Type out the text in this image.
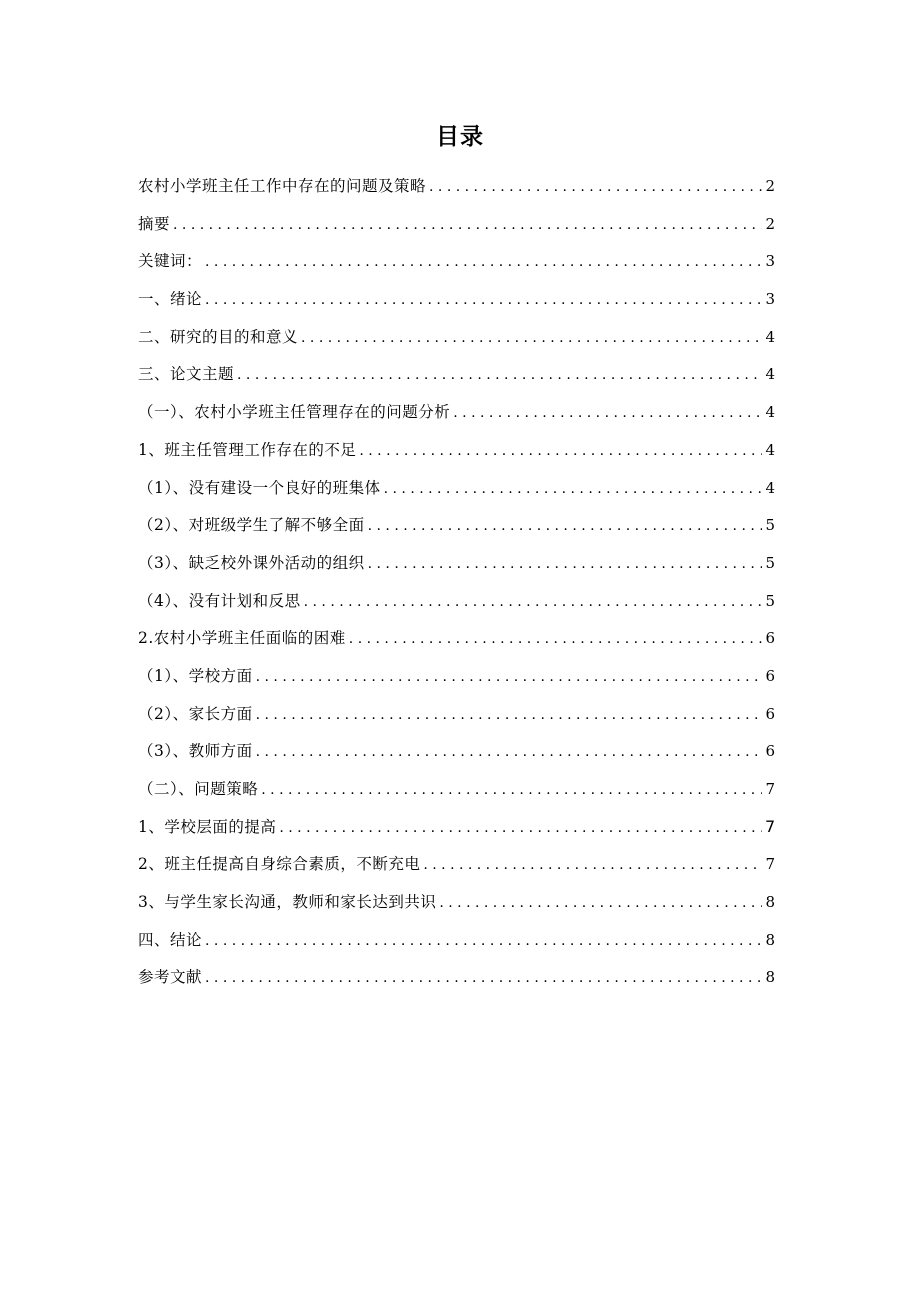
目录
农村小学班主任工作中存在的问题及策略 . . .	2
摘要 . . .	2
关键词： . . .	3
一、绪论 . . .	3
二、研究的目的和意义 . . .	4
三、论文主题 . . .	4
（一）、农村小学班主任管理存在的问题分析 . . .	4
1、班主任管理工作存在的不足 . . .	4
（1）、没有建设一个良好的班集体 . . .	4
（2）、对班级学生了解不够全面 . . .	5
（3）、缺乏校外课外活动的组织 . . .	5
（4）、没有计划和反思 . . .	5
2.农村小学班主任面临的困难 . . .	6
（1）、学校方面 . . .	6
（2）、家长方面 . . .	6
（3）、教师方面 . . .	6
（二）、问题策略 . . .	7
1、学校层面的提高 . . .	7
2、班主任提高自身综合素质，不断充电 . . .	7
3、与学生家长沟通，教师和家长达到共识 . . .	8
四、结论 . . .	8
参考文献 . . .	8
